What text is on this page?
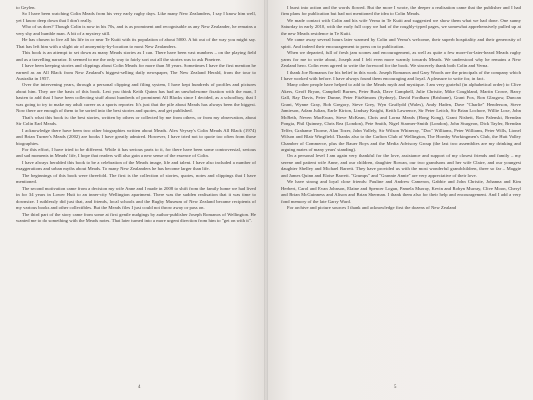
to Geylen.

So I have been watching Colin Meads from his very early rugby days. Like many New Zealanders, I say I know him well, yet I know deep down that I don't really.

Who of us does? Though Colin is now in his 70s, and is as prominent and recognisable as any New Zealander, he remains a very shy and humble man. A bit of a mystery still.

He has chosen to live all his life in or near Te Kuiti with its population of about 5000. A bit out of the way you might say. That has left him with a slight air of anonymity-by-location to most New Zealanders.

This book is an attempt to set down as many Meads stories as I can. There have been vast numbers – on the playing field and as a travelling narrator. It seemed to me the only way to fairly sort out all the stories was to ask Pinetree.

I have been keeping stories and clippings about Colin Meads for more than 50 years. Sometimes I have the first mention he earned as an All Black from New Zealand's biggest-selling daily newspaper, The New Zealand Herald, from the tour to Australia in 1957.

Over the intervening years, through a personal clipping and filing system, I have kept hundreds of profiles and pictures about him. They are the basis of this book. Lest you think Keith Quinn has had an unwholesome fixation with the man, I hasten to add that I have been collecting stuff about hundreds of prominent All Blacks since I decided, as a schoolboy, that I was going to try to make my adult career as a sports reporter. It's just that the pile about Meads has always been the biggest. Now there are enough of them to be sorted into the best stories and quotes, and get published.

That's what this book is: the best stories, written by others or collected by me from others, or from my observation, about Sir Colin Earl Meads.

I acknowledge there have been two other biographies written about Meads. Alex Veysey's Colin Meads All Black (1974) and Brian Turner's Meads (2002) are books I have greatly admired. However, I have tried not to quote too often from those biographies.

For this effort, I have tried to be different. While it has serious parts to it, for there have been some controversial, serious and sad moments in Meads' life, I hope that readers will also gain a new sense of the essence of Colin.

I have always heralded this book to be a celebration of the Meads image, life and talent. I have also included a number of exaggerations and urban myths about Meads. To many New Zealanders he has become larger than life.

The beginnings of this book were threefold. The first is the collection of stories, quotes, notes and clippings that I have mentioned.

The second motivation came from a decision my wife Anne and I made in 2008 to shift from the family home we had lived in for 34 years in Lower Hutt to an inner-city Wellington apartment. There was the sudden realisation that it was time to downsize. I ruthlessly did just that, and friends, local schools and the Rugby Museum of New Zealand became recipients of my various books and other collectibles. But the Meads files I just could not throw away or pass on.

The third part of the story came from some at first gentle nudgings by author-publisher Joseph Romanos of Wellington. He wanted me to do something with the Meads notes. That later turned into a more urgent direction from him to "get on with it".

4

I burst into action and the words flowed. But the more I wrote, the deeper a realisation came that the publisher and I had firm plans for publication but had not mentioned the idea to Colin Meads.

We made contact with Colin and his wife Verna in Te Kuiti and suggested we show them what we had done. One sunny Saturday in early 2010, with the early full copy we had of the roughly-typed pages, we somewhat apprehensively pulled up at the new Meads residence in Te Kuiti.

We came away several hours later warmed by Colin and Verna's welcome, their superb hospitality and their generosity of spirit. And indeed their encouragement to press on to publication.

When we departed, full of fresh jam scones and encouragement, as well as quite a few more-for-later-heard Meads rugby yarns for me to write about, Joseph and I felt even more warmly towards Meads. We understood why he remains a New Zealand hero. Colin even agreed to write the foreword for the book. We sincerely thank both Colin and Verna.

I thank Joe Romanos for his belief in this work. Joseph Romanos and Gary Woods are the principals of the company which I have worked with before. I have always found them encouraging and loyal. A pleasure to write for, in fact.

Many other people have helped to add to the Meads myth and mystique. I am very grateful (in alphabetical order) to Clive Akers, Geoff Bryan, Campbell Burnes, Peter Bush, Dave Campbell, Julie Christie, Mike Coughland, Martin Crowe, Barry Gall, Ray Davis, Peter Dunne, Peter FitzSimons (Sydney), David Fordham (Brisbane), Grant Fox, Ron Glasgow, Duncan Grant, Wynne Gray, Bob Gregory, Steve Grey, Wyn Gruffydd (Wales), Andy Haden, Dave "Charlie" Henderson, Steve Jamieson, Adam Julian, Earle Kirton, Lindsay Knight, Keith Lawrence, Sir Peter Leitch, Sir Brian Lochore, Willie Lose, John McBeth, Neven MacEwan, Steve McKean, Chris and Lorna Meads (Hong Kong), Grant Nisbett, Ron Palenski, Brendan Pongia, Phil Quinney, Chris Rea (London), Pete Smith, Nigel Starmer-Smith (London), John Sturgeon, Dick Tayler, Brendan Telfer, Grahame Thorne, Alan Tozer, John Vallely, Sir Wilson Whineray, "Doc" Williams, Peter Williams, Peter Wills, Lionel Wilson and Blair Wingfield. Thanks also to the Carlton Club of Wellington, The Hornby Workingmen's Club, the Hutt Valley Chamber of Commerce, plus the Bauer Boys and the Media Advisory Group (the last two assemblies are my drinking and arguing mates of many years' standing).

On a personal level I am again very thankful for the love, assistance and support of my closest friends and family – my serene and patient wife Anne, and our children, daughter Rowan, our two grandsons and her wife Claire, and our youngest daughter Shelley and Michael Barrett. They have provided us with the most wonderful grandchildren, three so far – Maggie and James Quinn and Eloise Barrett. "Grumps" and "Grannie Annie" are very appreciative of their love.

We have strong and loyal close friends: Pauline and Andrew Cameron, Gabbie and John Christie, Johanna and Kim Herbert, Carol and Evan Johnson, Elaine and Spencer Logan, Pamela Murray, Kevin and Robyn Murray, Clive Moon, Cheryl and Brian McGuinness and Alison and Brian Sherman. I thank them also for their help and encouragement. And I add a very fond memory of the late Garry Ward.

For archive and picture sources I thank and acknowledge first the dozens of New Zealand

5
